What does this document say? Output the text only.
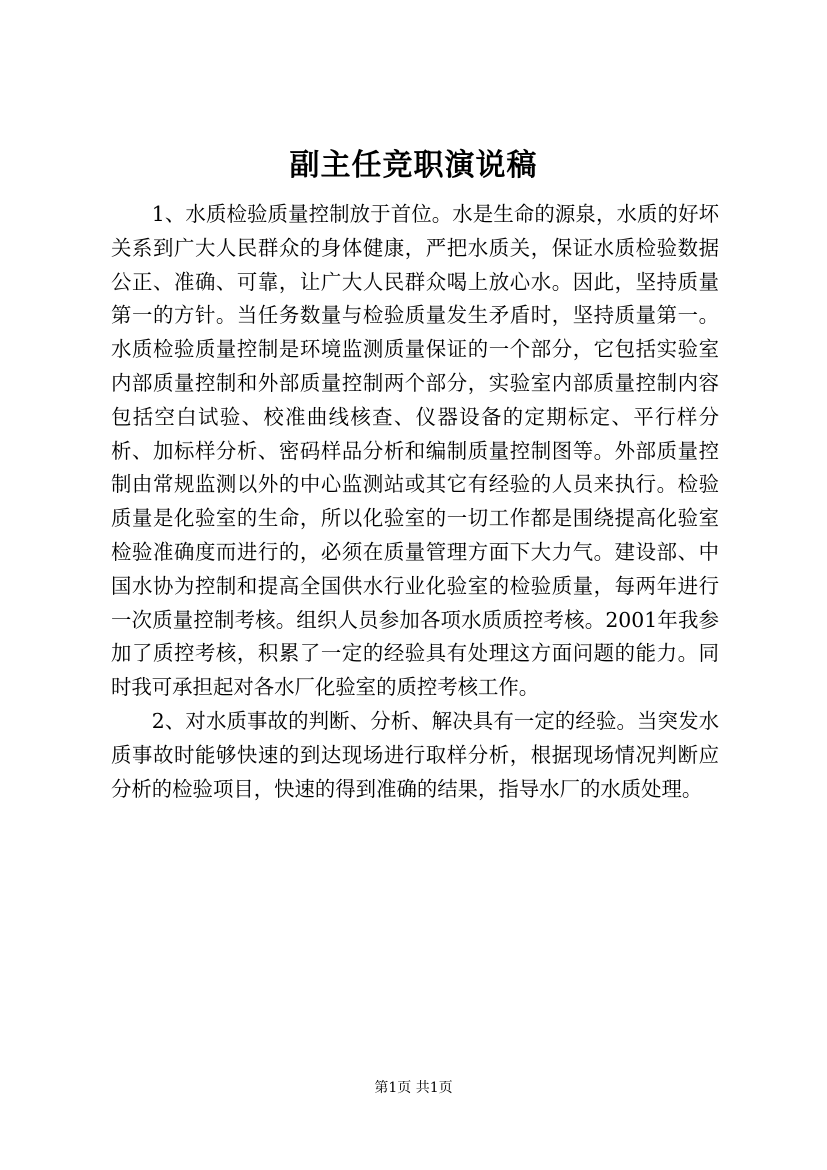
副主任竞职演说稿

1、水质检验质量控制放于首位。水是生命的源泉，水质的好坏关系到广大人民群众的身体健康，严把水质关，保证水质检验数据公正、准确、可靠，让广大人民群众喝上放心水。因此，坚持质量第一的方针。当任务数量与检验质量发生矛盾时，坚持质量第一。水质检验质量控制是环境监测质量保证的一个部分，它包括实验室内部质量控制和外部质量控制两个部分，实验室内部质量控制内容包括空白试验、校准曲线核查、仪器设备的定期标定、平行样分析、加标样分析、密码样品分析和编制质量控制图等。外部质量控制由常规监测以外的中心监测站或其它有经验的人员来执行。检验质量是化验室的生命，所以化验室的一切工作都是围绕提高化验室检验准确度而进行的，必须在质量管理方面下大力气。建设部、中国水协为控制和提高全国供水行业化验室的检验质量，每两年进行一次质量控制考核。组织人员参加各项水质质控考核。2001年我参加了质控考核，积累了一定的经验具有处理这方面问题的能力。同时我可承担起对各水厂化验室的质控考核工作。

2、对水质事故的判断、分析、解决具有一定的经验。当突发水质事故时能够快速的到达现场进行取样分析，根据现场情况判断应分析的检验项目，快速的得到准确的结果，指导水厂的水质处理。

第1页 共1页
